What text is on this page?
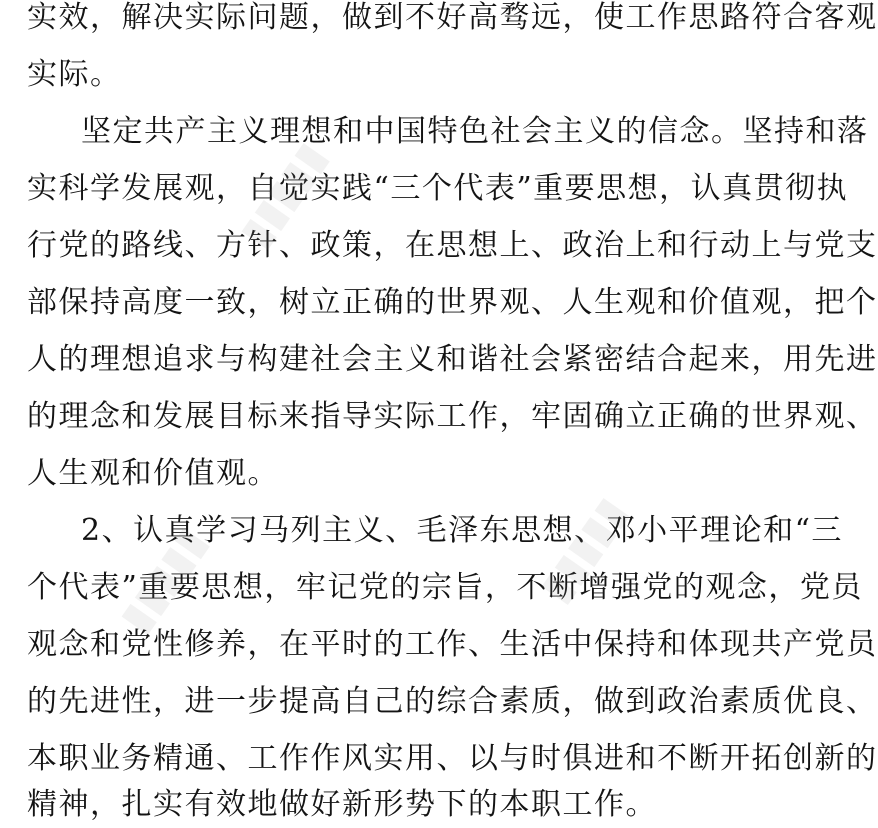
实效，解决实际问题，做到不好高骛远，使工作思路符合客观
实际。
坚定共产主义理想和中国特色社会主义的信念。坚持和落
实科学发展观，自觉实践“三个代表”重要思想，认真贯彻执
行党的路线、方针、政策，在思想上、政治上和行动上与党支
部保持高度一致，树立正确的世界观、人生观和价值观，把个
人的理想追求与构建社会主义和谐社会紧密结合起来，用先进
的理念和发展目标来指导实际工作，牢固确立正确的世界观、
人生观和价值观。
2、认真学习马列主义、毛泽东思想、邓小平理论和“三
个代表”重要思想，牢记党的宗旨，不断增强党的观念，党员
观念和党性修养，在平时的工作、生活中保持和体现共产党员
的先进性，进一步提高自己的综合素质，做到政治素质优良、
本职业务精通、工作作风实用、以与时俱进和不断开拓创新的
精神，扎实有效地做好新形势下的本职工作。
▮▮▮▮▮
▮▮▮▮▮	▮▮▮▮▮
